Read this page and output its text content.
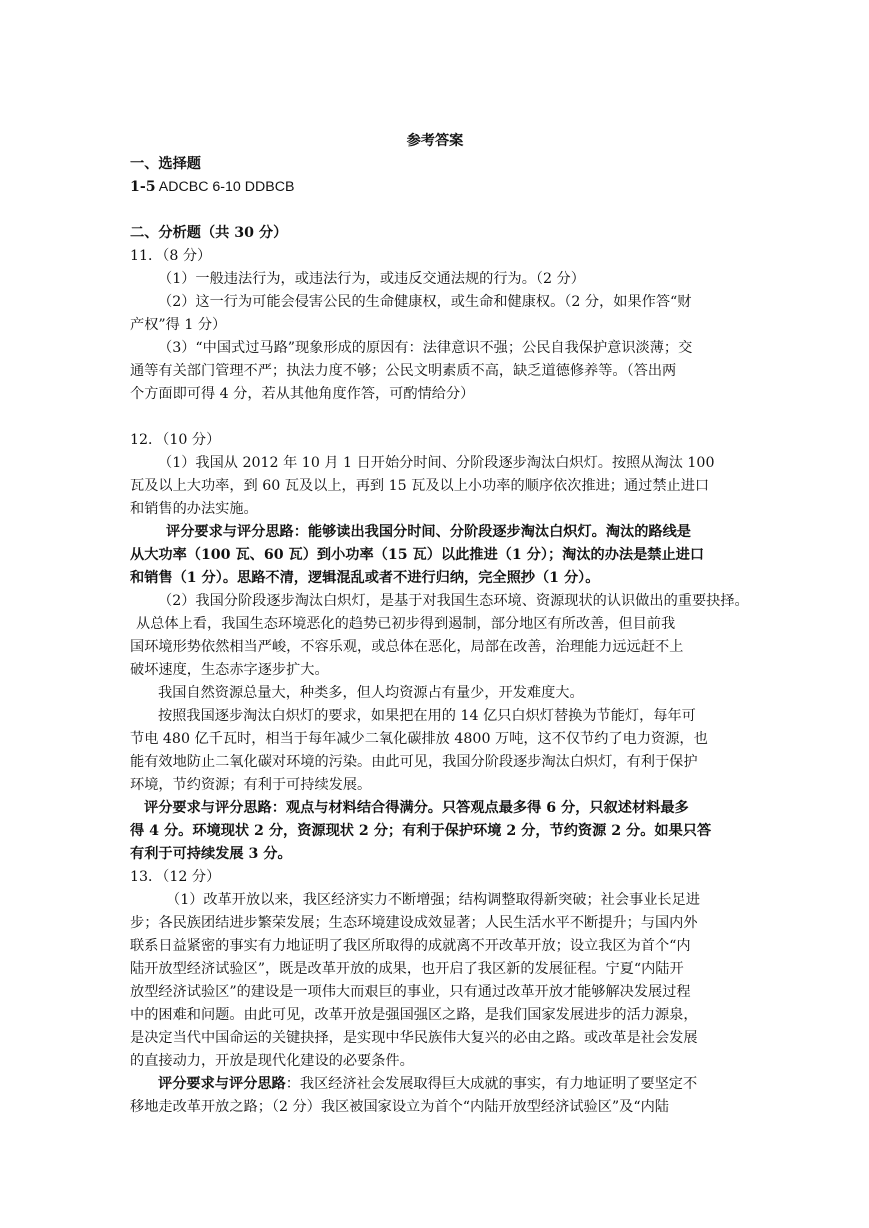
参考答案
一、选择题
1-5 ADCBC 6-10 DDBCB
二、分析题（共 30 分）
11．（8 分）
（1）一般违法行为，或违法行为，或违反交通法规的行为。（2 分）
（2）这一行为可能会侵害公民的生命健康权，或生命和健康权。（2 分，如果作答“财
产权”得 1 分）
（3）“中国式过马路”现象形成的原因有：法律意识不强；公民自我保护意识淡薄；交
通等有关部门管理不严；执法力度不够；公民文明素质不高，缺乏道德修养等。（答出两
个方面即可得 4 分，若从其他角度作答，可酌情给分）
12．（10 分）
（1）我国从 2012 年 10 月 1 日开始分时间、分阶段逐步淘汰白炽灯。按照从淘汰 100
瓦及以上大功率，到 60 瓦及以上，再到 15 瓦及以上小功率的顺序依次推进；通过禁止进口
和销售的办法实施。
评分要求与评分思路：能够读出我国分时间、分阶段逐步淘汰白炽灯。淘汰的路线是
从大功率（100 瓦、60 瓦）到小功率（15 瓦）以此推进（1 分）；淘汰的办法是禁止进口
和销售（1 分）。思路不清，逻辑混乱或者不进行归纳，完全照抄（1 分）。
（2）我国分阶段逐步淘汰白炽灯，是基于对我国生态环境、资源现状的认识做出的重要抉择。
从总体上看，我国生态环境恶化的趋势已初步得到遏制，部分地区有所改善，但目前我
国环境形势依然相当严峻，不容乐观，或总体在恶化，局部在改善，治理能力远远赶不上
破坏速度，生态赤字逐步扩大。
我国自然资源总量大，种类多，但人均资源占有量少，开发难度大。
按照我国逐步淘汰白炽灯的要求，如果把在用的 14 亿只白炽灯替换为节能灯，每年可
节电 480 亿千瓦时，相当于每年减少二氧化碳排放 4800 万吨，这不仅节约了电力资源，也
能有效地防止二氧化碳对环境的污染。由此可见，我国分阶段逐步淘汰白炽灯，有利于保护
环境，节约资源；有利于可持续发展。
评分要求与评分思路：观点与材料结合得满分。只答观点最多得 6 分，只叙述材料最多
得 4 分。环境现状 2 分，资源现状 2 分；有利于保护环境 2 分，节约资源 2 分。如果只答
有利于可持续发展 3 分。
13．（12 分）
（1）改革开放以来，我区经济实力不断增强；结构调整取得新突破；社会事业长足进
步；各民族团结进步繁荣发展；生态环境建设成效显著；人民生活水平不断提升；与国内外
联系日益紧密的事实有力地证明了我区所取得的成就离不开改革开放；设立我区为首个“内
陆开放型经济试验区”，既是改革开放的成果，也开启了我区新的发展征程。宁夏“内陆开
放型经济试验区”的建设是一项伟大而艰巨的事业，只有通过改革开放才能够解决发展过程
中的困难和问题。由此可见，改革开放是强国强区之路，是我们国家发展进步的活力源泉，
是决定当代中国命运的关键抉择，是实现中华民族伟大复兴的必由之路。或改革是社会发展
的直接动力，开放是现代化建设的必要条件。
评分要求与评分思路：我区经济社会发展取得巨大成就的事实，有力地证明了要坚定不
移地走改革开放之路；（2 分）我区被国家设立为首个“内陆开放型经济试验区”及“内陆
